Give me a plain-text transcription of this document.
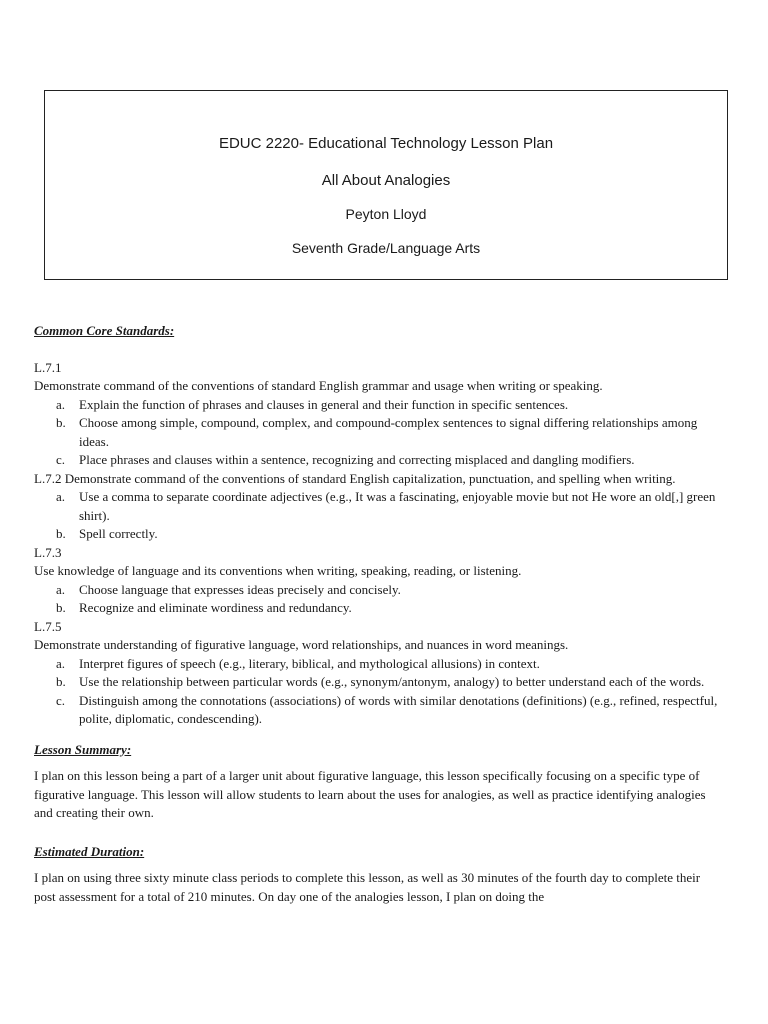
EDUC 2220- Educational Technology Lesson Plan
All About Analogies
Peyton Lloyd
Seventh Grade/Language Arts
Common Core Standards:

L.7.1

Demonstrate command of the conventions of standard English grammar and usage when writing or speaking.

a. Explain the function of phrases and clauses in general and their function in specific sentences.
b. Choose among simple, compound, complex, and compound-complex sentences to signal differing relationships among ideas.
c. Place phrases and clauses within a sentence, recognizing and correcting misplaced and dangling modifiers.

L.7.2 Demonstrate command of the conventions of standard English capitalization, punctuation, and spelling when writing.

a. Use a comma to separate coordinate adjectives (e.g., It was a fascinating, enjoyable movie but not He wore an old[,] green shirt).
b. Spell correctly.

L.7.3

Use knowledge of language and its conventions when writing, speaking, reading, or listening.

a. Choose language that expresses ideas precisely and concisely.
b. Recognize and eliminate wordiness and redundancy.

L.7.5

Demonstrate understanding of figurative language, word relationships, and nuances in word meanings.

a. Interpret figures of speech (e.g., literary, biblical, and mythological allusions) in context.
b. Use the relationship between particular words (e.g., synonym/antonym, analogy) to better understand each of the words.
c. Distinguish among the connotations (associations) of words with similar denotations (definitions) (e.g., refined, respectful, polite, diplomatic, condescending).
Lesson Summary:

I plan on this lesson being a part of a larger unit about figurative language, this lesson specifically focusing on a specific type of figurative language. This lesson will allow students to learn about the uses for analogies, as well as practice identifying analogies and creating their own.

Estimated Duration:

I plan on using three sixty minute class periods to complete this lesson, as well as 30 minutes of the fourth day to complete their post assessment for a total of 210 minutes. On day one of the analogies lesson, I plan on doing the
